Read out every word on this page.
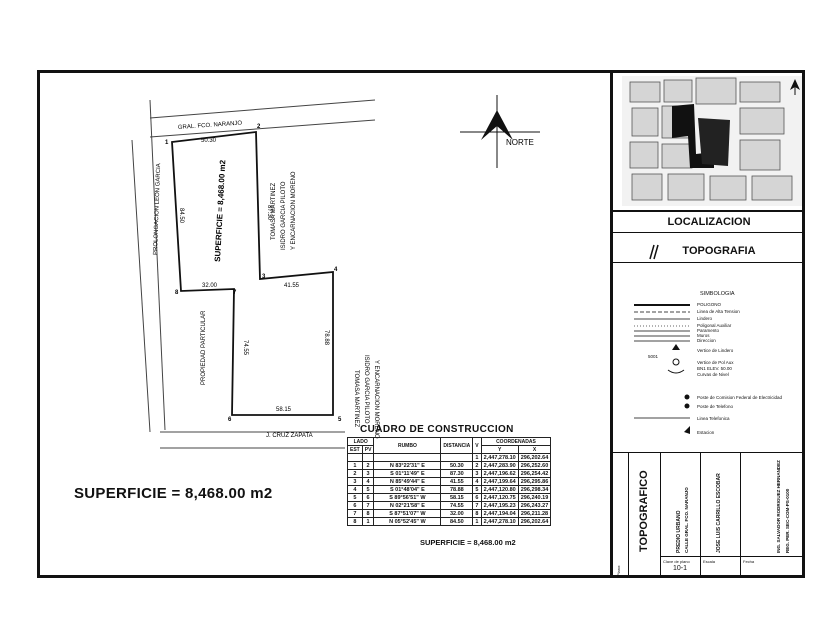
1
2
3
4
5
6
7
8
50.30
87.30
41.55
78.88
58.15
74.55
32.00
84.50
GRAL. FCO. NARANJO
PROLONGACION LEON GARCIA
J. CRUZ ZAPATA
SUPERFICIE = 8,468.00 m2	TOMASA MARTINEZ ISIDRO GARCIA PILOTO Y ENCARNACION MORENO
TOMASA MARTINEZ ISIDRO GARCIA PILOTO Y ENCARNACION MORENO
PROPIEDAD PARTICULAR
NORTE
SUPERFICIE = 8,468.00 m2
CUADRO DE CONSTRUCCION
LADO		RUMBO	DISTANCIA	V	COORDENADAS	
EST	PV				Y	X
				1	2,447,278.10	296,202.64
1	2	N 83°22'31" E	50.30	2	2,447,283.90	296,252.60
2	3	S 01°11'49" E	87.30	3	2,447,196.62	296,254.42
3	4	N 85°49'44" E	41.55	4	2,447,199.64	296,295.86
4	5	S 01°48'04" E	78.88	5	2,447,120.80	296,298.34
5	6	S 89°56'51" W	58.15	6	2,447,120.75	296,240.19
6	7	N 02°21'58" E	74.55	7	2,447,195.23	296,243.27
7	8	S 87°51'07" W	32.00	8	2,447,194.04	296,211.28
8	1	N 05°52'45" W	84.50	1	2,447,278.10	296,202.64
SUPERFICIE = 8,468.00 m2
LOCALIZACION
TOPOGRAFIA
SIMBOLOGIA
POLIGONO
Linea de Alta Tension
Lindero
Poligonal Auxiliar
Paramento
Muros
Direccion
Vertice de Lindero
Vertice de Pol Aux
5001
BN1 ELEV. 50.00
Curvas de Nivel
Poste de Comision Federal de Electricidad
Poste de Telefono
Linea Telefonica
Estacion
Plano:
TOPOGRAFICO	PREDIO URBANO CALLE GRAL. FCO. NARANJO	JOSE LUIS CARRILLO ESCOBAR	ING. SALVADOR RODRIGUEZ HERNANDEZ REG. PER. SEC-COM-PS-0100
Clave de plano
10-1
Escala	Fecha
